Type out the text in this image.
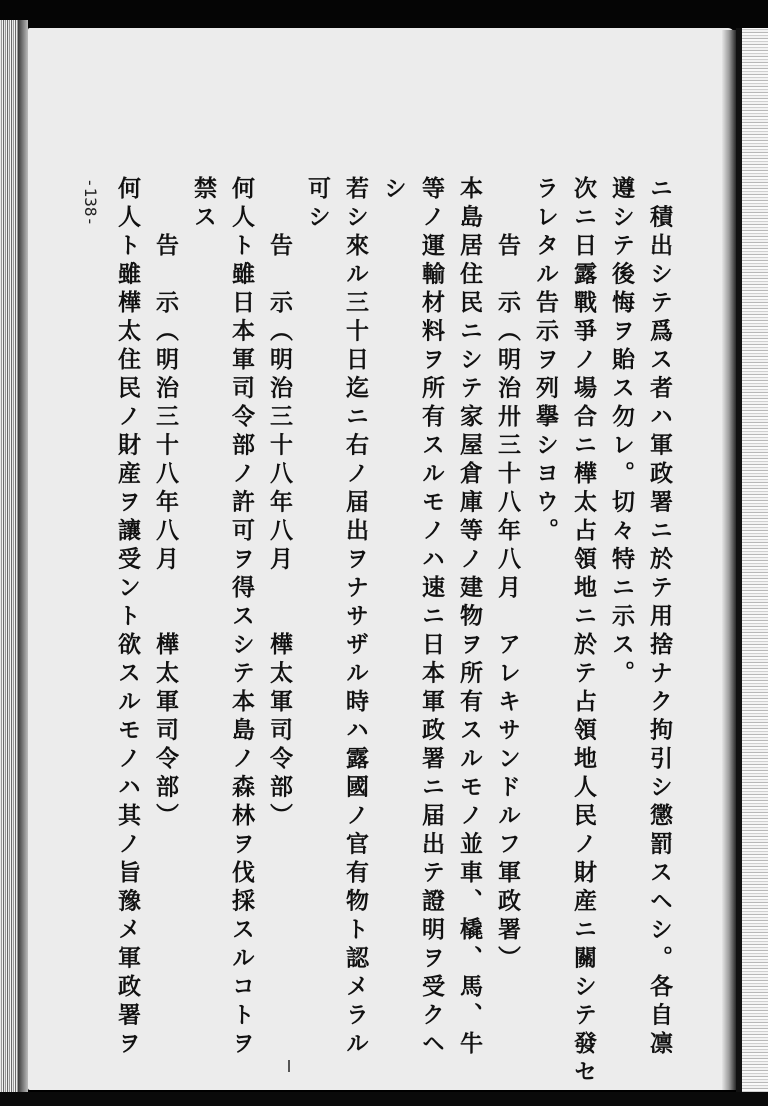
ニ積出シテ爲ス者ハ軍政署ニ於テ用捨ナク拘引シ懲罰スヘシ。各自凛
遵シテ後悔ヲ貽ス勿レ。切々特ニ示ス。
次ニ日露戰爭ノ場合ニ樺太占領地ニ於テ占領地人民ノ財産ニ關シテ發セ
ラレタル告示ヲ列擧シヨウ。
　　告　示（明治卅三十八年八月　アレキサンドルフ軍政署）
本島居住民ニシテ家屋倉庫等ノ建物ヲ所有スルモノ並車、橇、馬、牛
等ノ運輸材料ヲ所有スルモノハ速ニ日本軍政署ニ届出テ證明ヲ受クヘ
シ
若シ來ル三十日迄ニ右ノ届出ヲナサザル時ハ露國ノ官有物ト認メラル
可シ
　　告　示（明治三十八年八月　　樺太軍司令部）
何人ト雖日本軍司令部ノ許可ヲ得スシテ本島ノ森林ヲ伐採スルコトヲ
禁ス
　　告　示（明治三十八年八月　　樺太軍司令部）
何人ト雖樺太住民ノ財産ヲ讓受ント欲スルモノハ其ノ旨豫メ軍政署ヲ
-138-
